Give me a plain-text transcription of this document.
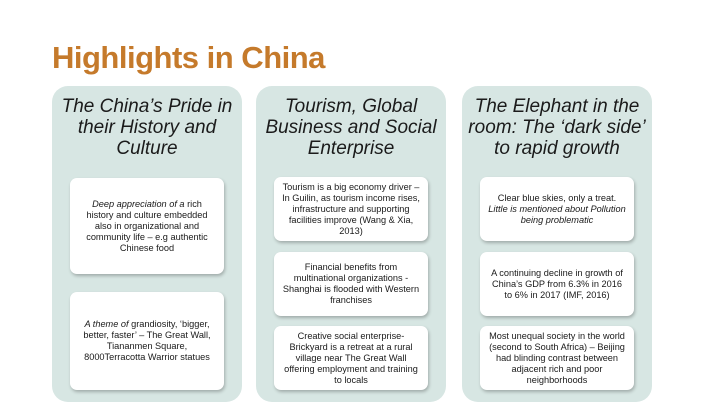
Highlights in China
The China’s Pride in their History and Culture
Deep appreciation of a rich history and culture embedded also in organizational and community life – e.g authentic Chinese food
A theme of grandiosity, ‘bigger, better, faster’ – The Great Wall, Tiananmen Square, 8000Terracotta Warrior statues
Tourism, Global Business and Social Enterprise
Tourism is a big economy driver – In Guilin, as tourism income rises, infrastructure and supporting facilities improve (Wang & Xia, 2013)
Financial benefits from multinational organizations - Shanghai is flooded with Western franchises
Creative social enterprise- Brickyard is a retreat at a rural village near The Great Wall offering employment and training to locals
The Elephant in the room: The ‘dark side’ to rapid growth
Clear blue skies, only a treat.
Little is mentioned about Pollution being problematic
A continuing decline in growth of China’s GDP from 6.3% in 2016 to 6% in 2017 (IMF, 2016)
Most unequal society in the world (second to South Africa) – Beijing had blinding contrast between adjacent rich and poor neighborhoods
